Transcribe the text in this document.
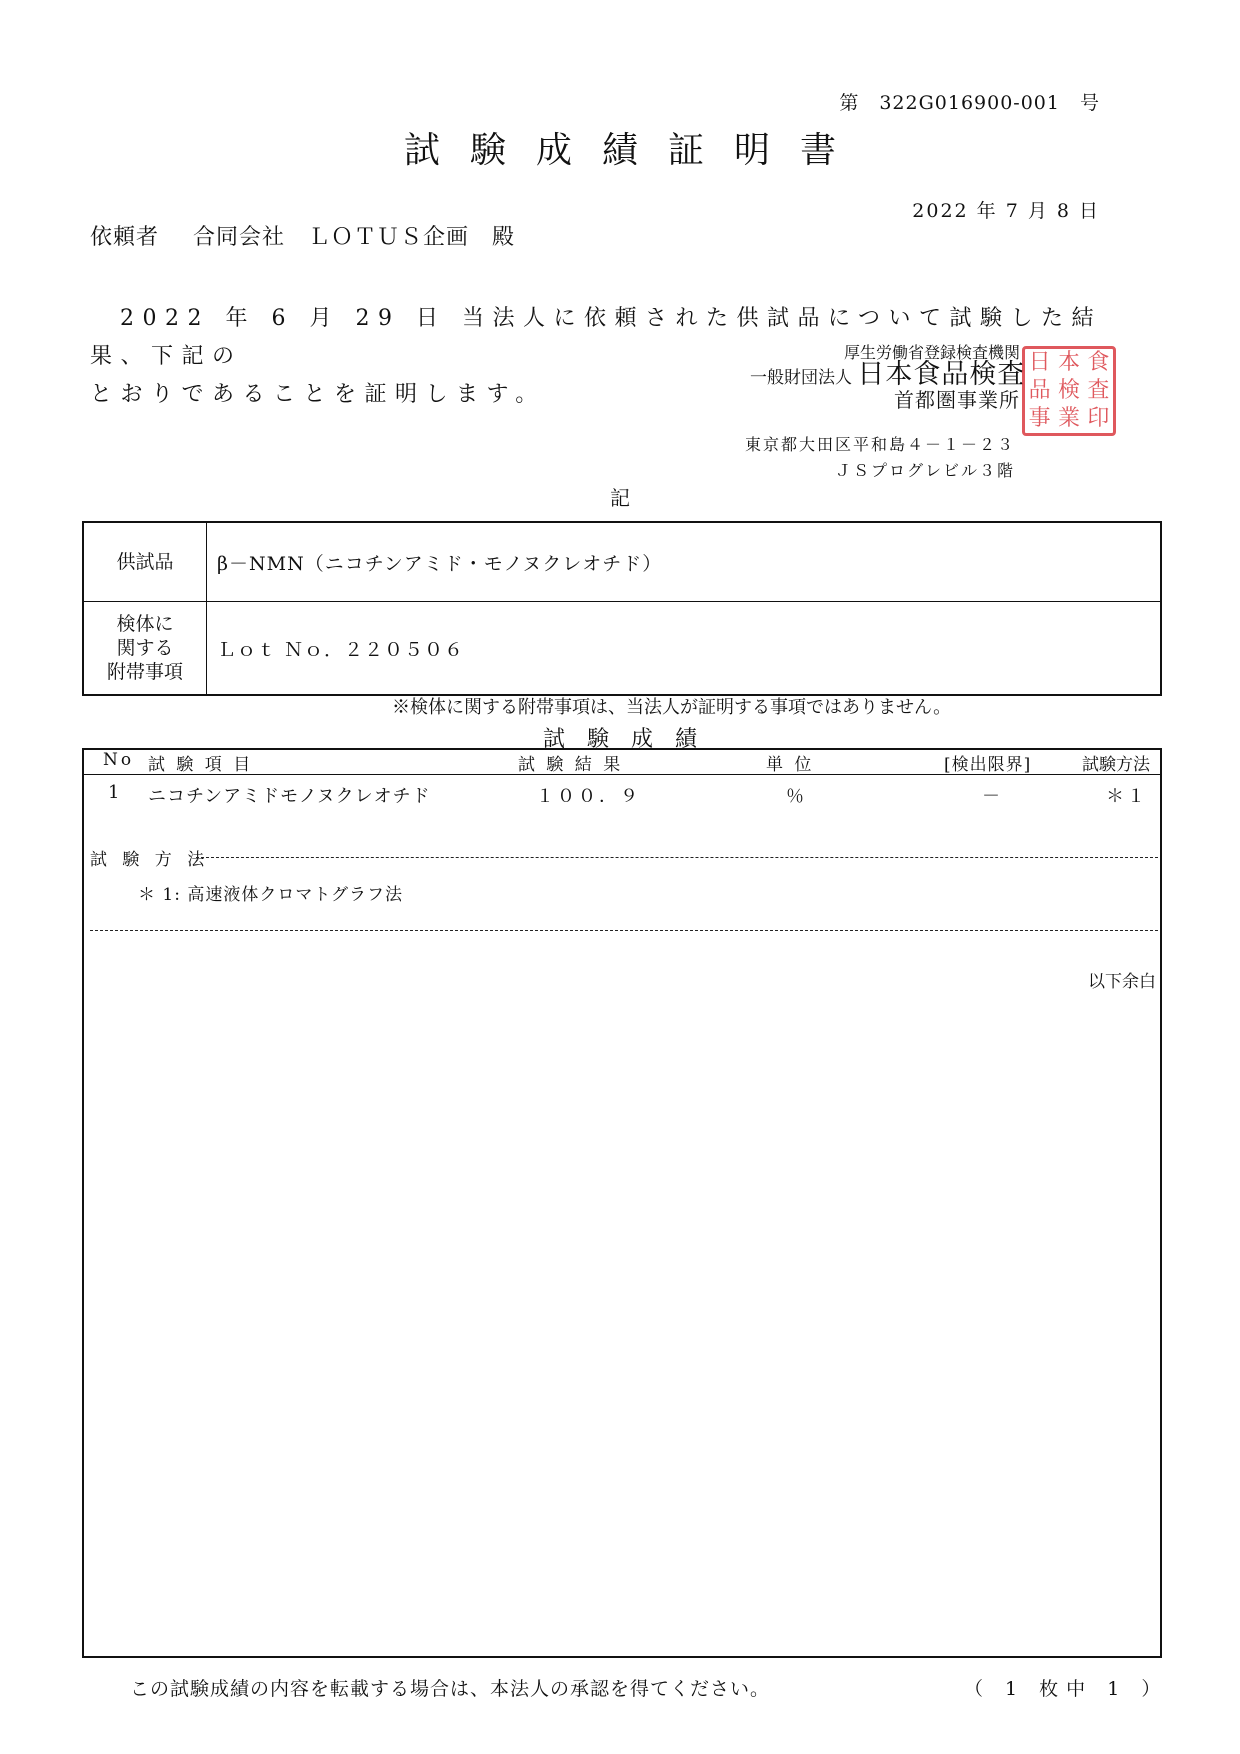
第　322G016900-001　号
試験成績証明書
2022 年 7 月 8 日
依頼者 合同会社　ＬＯＴＵＳ企画　 殿

2022 年 6 月 29 日 当法人に依頼された供試品について試験した結果、下記の

とおりであることを証明します。

厚生労働省登録検査機関
一般財団法人 日本食品検査
首都圏事業所
東京都大田区平和島４－１－２３
ＪＳプログレビル３階
日 本 食
品 検 査
事 業 印
記
供試品	β－NMN（ニコチンアミド・モノヌクレオチド）

検体に
関する
附帯事項	Ｌｏｔ Ｎｏ．２２０５０６
※検体に関する附帯事項は、当法人が証明する事項ではありません。
試験成績
No 試 験 項 目	試 験 結 果	単 位	[検出限界]	試験方法
1 ニコチンアミドモノヌクレオチド	１００．９	％	－	＊１
試 験 方 法
＊ 1: 高速液体クロマトグラフ法
以下余白
この試験成績の内容を転載する場合は、本法人の承認を得てください。	（ 1 枚中 1 ）
